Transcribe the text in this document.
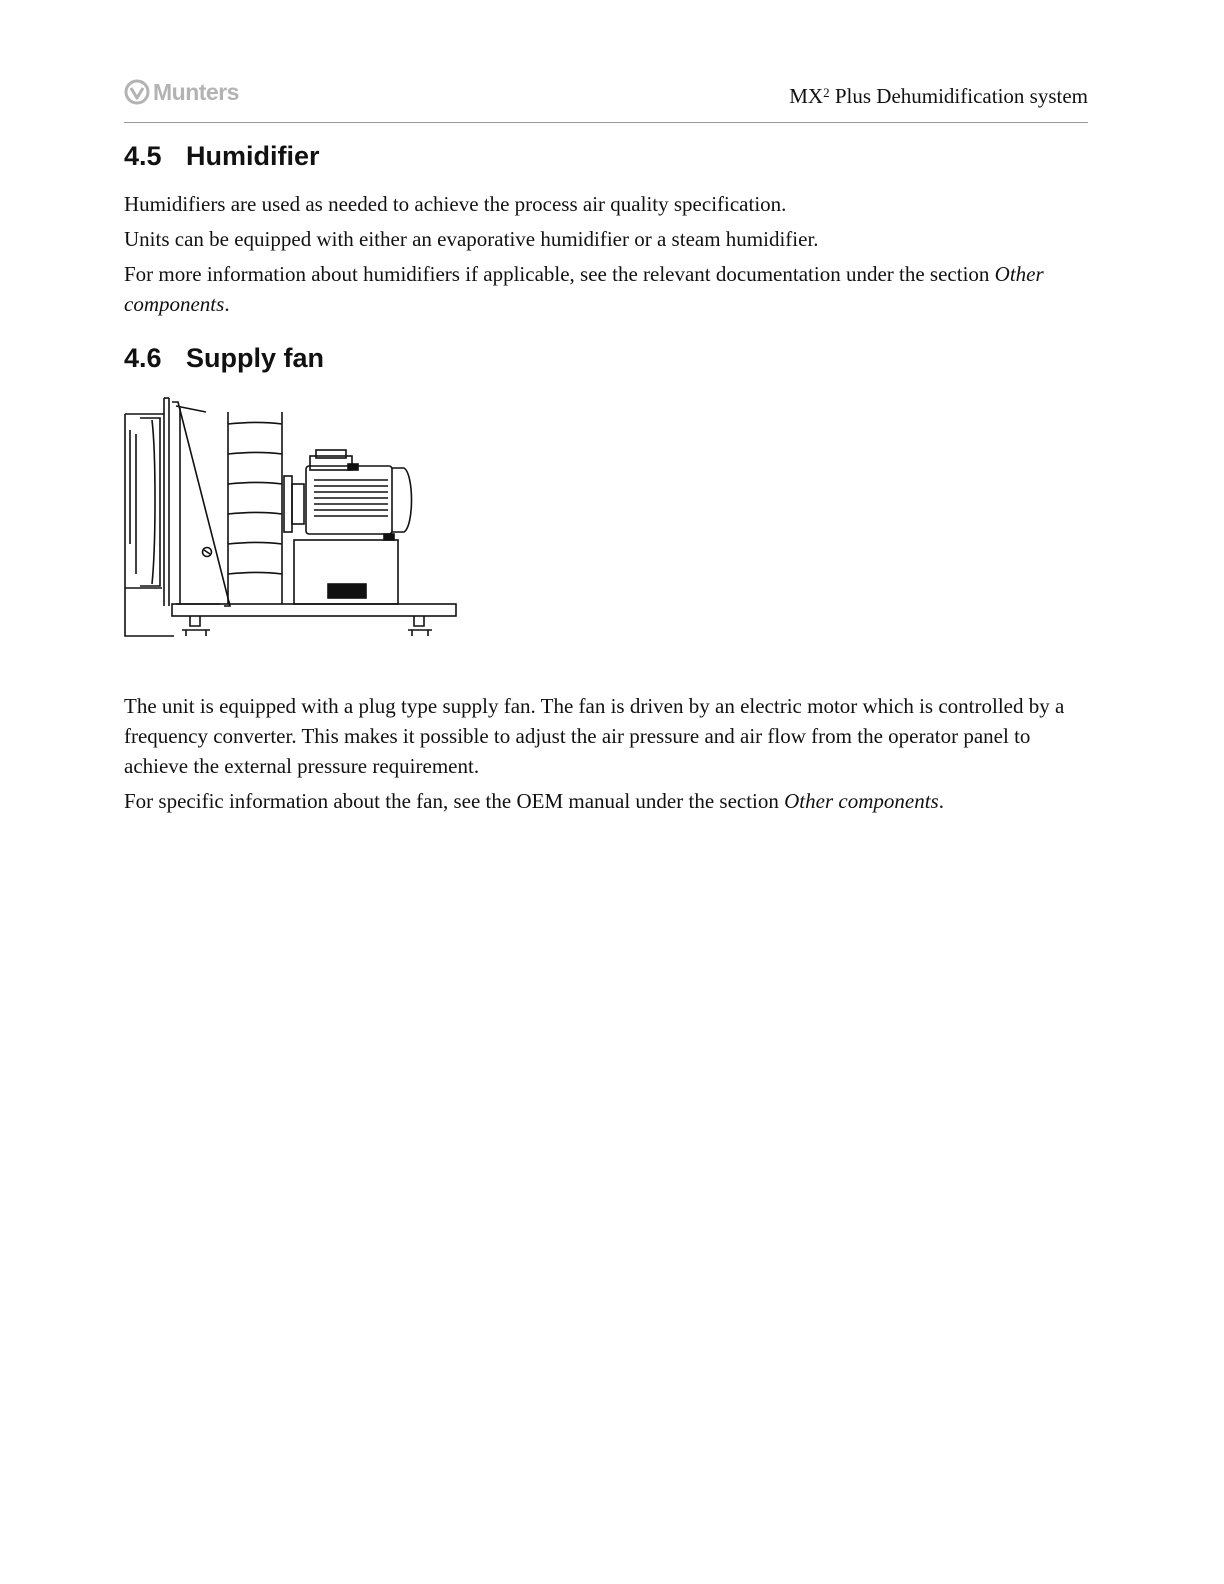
Munters	$MX^2$ Plus Dehumidification system
4.5 Humidifier

Humidifiers are used as needed to achieve the process air quality specification.

Units can be equipped with either an evaporative humidifier or a steam humidifier.

For more information about humidifiers if applicable, see the relevant documentation under the section Other components.

4.6 Supply fan

The unit is equipped with a plug type supply fan. The fan is driven by an electric motor which is controlled by a frequency converter. This makes it possible to adjust the air pressure and air flow from the operator panel to achieve the external pressure requirement.

For specific information about the fan, see the OEM manual under the section Other components.
